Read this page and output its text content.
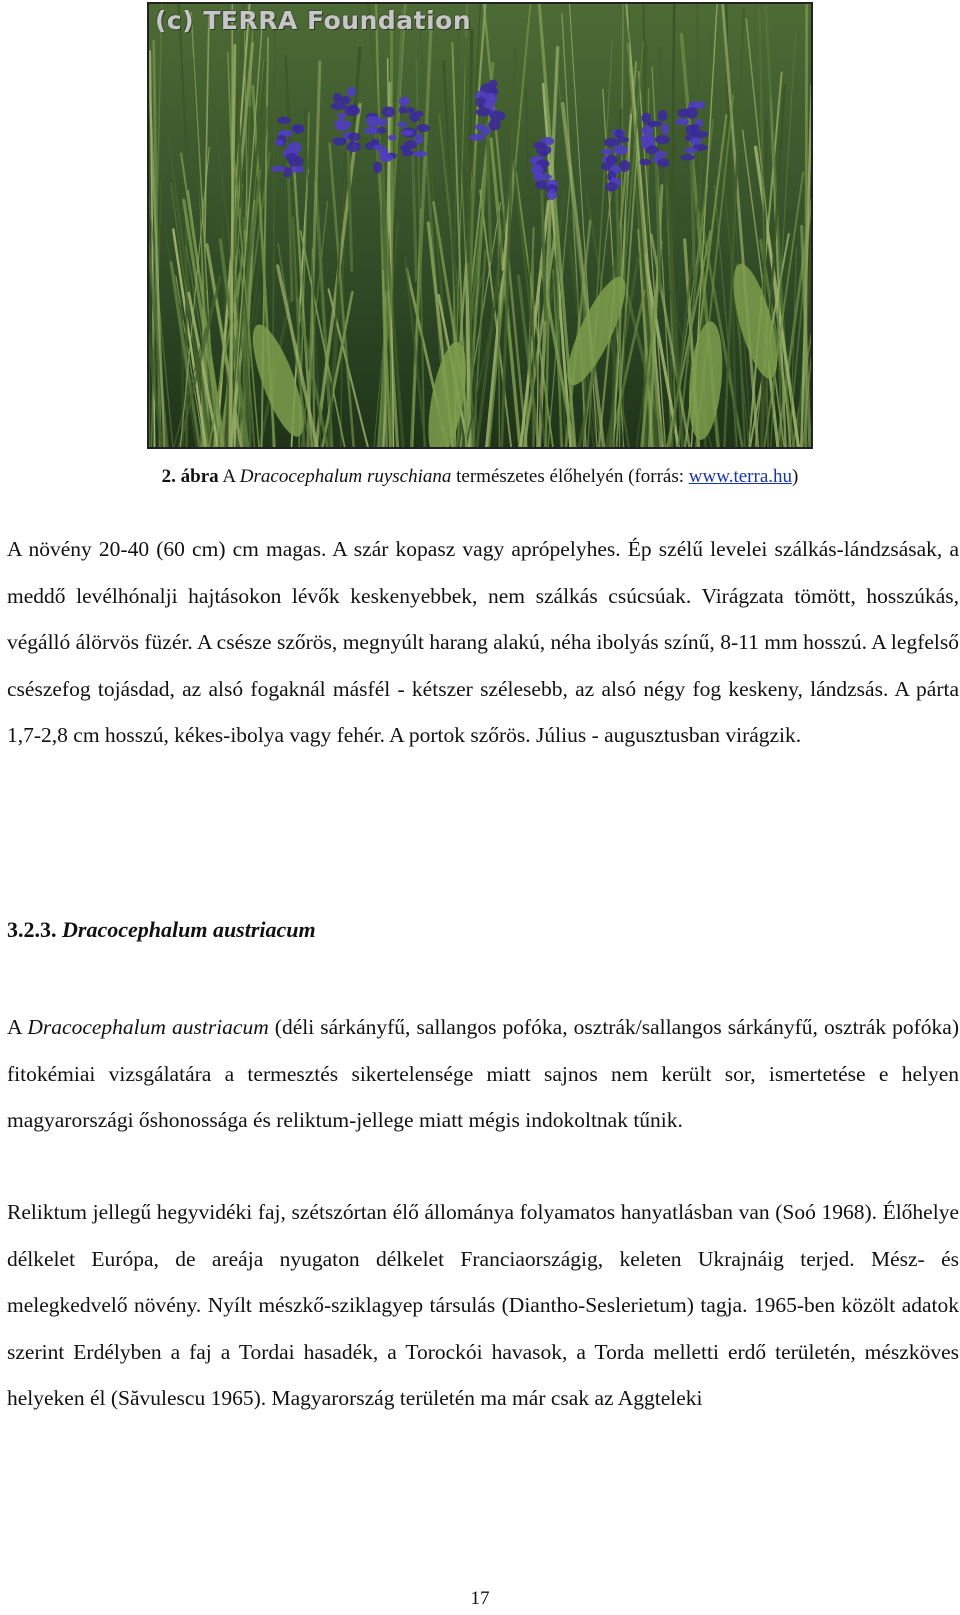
(c) TERRA Foundation
2. ábra A Dracocephalum ruyschiana természetes élőhelyén (forrás: www.terra.hu)

A növény 20-40 (60 cm) cm magas. A szár kopasz vagy aprópelyhes. Ép szélű levelei szálkás-lándzsásak, a meddő levélhónalji hajtásokon lévők keskenyebbek, nem szálkás csúcsúak. Virágzata tömött, hosszúkás, végálló álörvös füzér. A csésze szőrös, megnyúlt harang alakú, néha ibolyás színű, 8-11 mm hosszú. A legfelső csészefog tojásdad, az alsó fogaknál másfél - kétszer szélesebb, az alsó négy fog keskeny, lándzsás. A párta 1,7-2,8 cm hosszú, kékes-ibolya vagy fehér. A portok szőrös. Július - augusztusban virágzik.

3.2.3. Dracocephalum austriacum

A Dracocephalum austriacum (déli sárkányfű, sallangos pofóka, osztrák/sallangos sárkányfű, osztrák pofóka) fitokémiai vizsgálatára a termesztés sikertelensége miatt sajnos nem került sor, ismertetése e helyen magyarországi őshonossága és reliktum-jellege miatt mégis indokoltnak tűnik.

Reliktum jellegű hegyvidéki faj, szétszórtan élő állománya folyamatos hanyatlásban van (Soó 1968). Élőhelye délkelet Európa, de areája nyugaton délkelet Franciaországig, keleten Ukrajnáig terjed. Mész- és melegkedvelő növény. Nyílt mészkő-sziklagyep társulás (Diantho-Seslerietum) tagja. 1965-ben közölt adatok szerint Erdélyben a faj a Tordai hasadék, a Torockói havasok, a Torda melletti erdő területén, mészköves helyeken él (Săvulescu 1965). Magyarország területén ma már csak az Aggteleki

17
